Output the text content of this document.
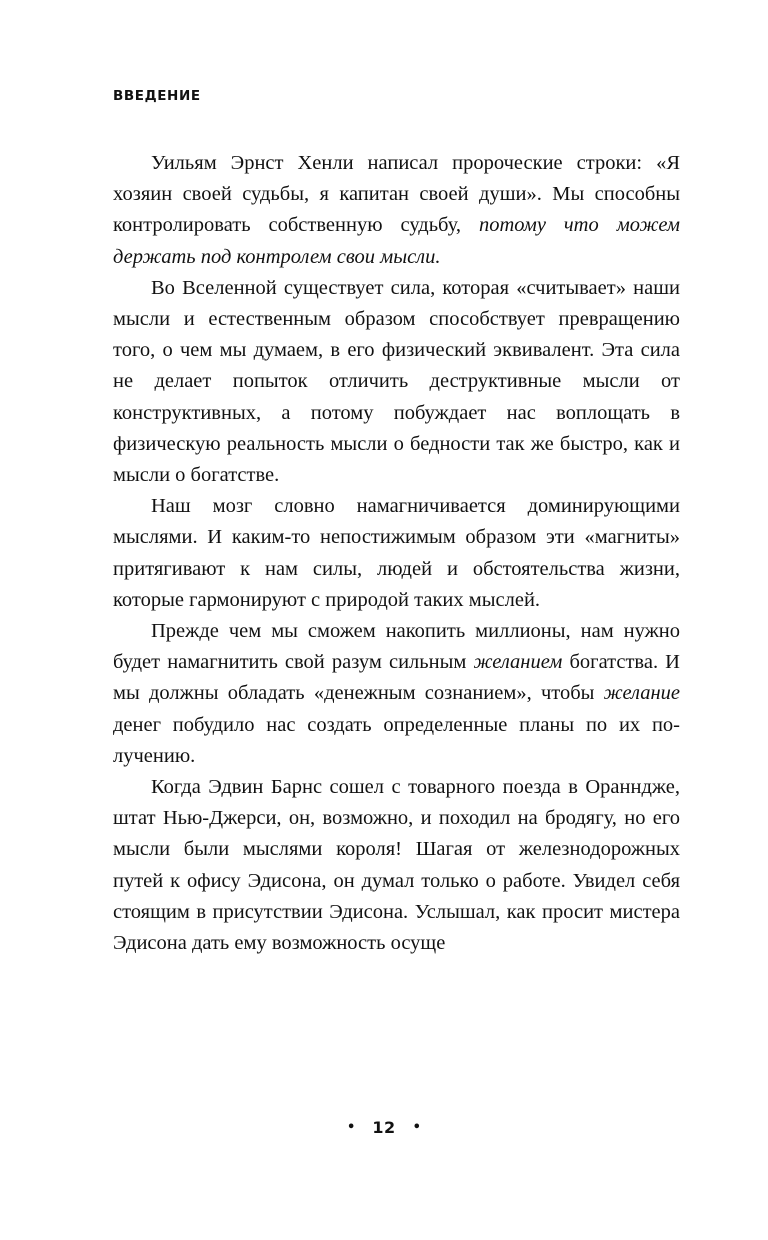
ВВЕДЕНИЕ

Уильям Эрнст Хенли написал пророческие строки: «Я хозяин своей судьбы, я капитан своей души». Мы способны контролировать собственную судьбу, потому что можем держать под контролем свои мысли.

Во Вселенной существует сила, которая «считывает» наши мысли и естественным образом способствует превращению того, о чем мы думаем, в его физический эквивалент. Эта сила не делает попыток отличить деструктивные мысли от конструктивных, а потому побуждает нас воплощать в физическую реальность мысли о бедности так же быстро, как и мысли о богатстве.

Наш мозг словно намагничивается доминирующими мыслями. И каким-то непостижимым образом эти «магниты» притягивают к нам силы, людей и обстоятельства жизни, которые гармонируют с природой таких мыслей.

Прежде чем мы сможем накопить миллионы, нам нужно будет намагнитить свой разум сильным желанием богатства. И мы должны обладать «денежным сознанием», чтобы желание денег побудило нас создать определенные планы по их получению.

Когда Эдвин Барнс сошел с товарного поезда в Оранндже, штат Нью-Джерси, он, возможно, и походил на бродягу, но его мысли были мыслями короля! Шагая от железнодорожных путей к офису Эдисона, он думал только о работе. Увидел себя стоящим в присутствии Эдисона. Услышал, как просит мистера Эдисона дать ему возможность осуще

• 12 •
